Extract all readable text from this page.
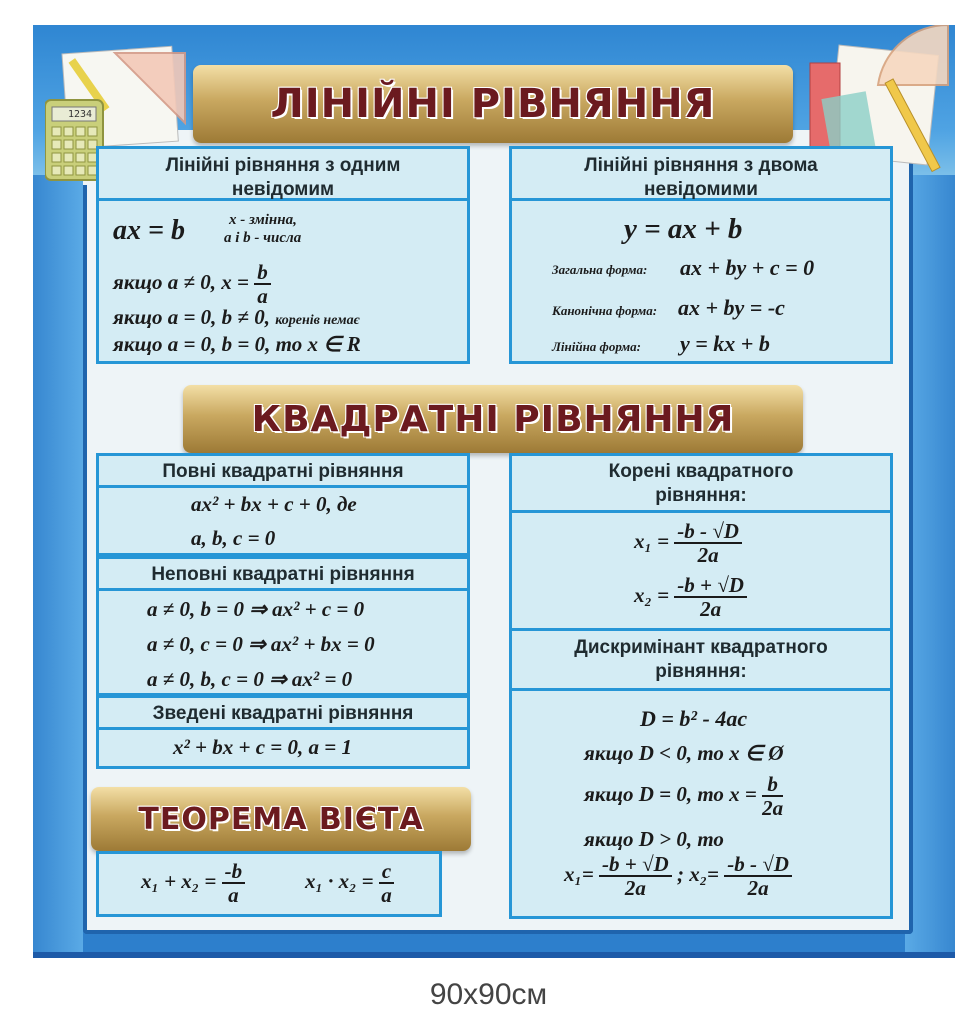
1234	ЛІНІЙНІ РІВНЯННЯ
Лінійні рівняння з одним невідомим
ax = b	x - змінна,
a і b - числа
якщо a ≠ 0, $x = \frac{b}{a}$
якщо a = 0, b ≠ 0, коренів немає
якщо a = 0, b = 0, то x ∈ R
Лінійні рівняння з двома невідомими
y = ax + b
Загальна форма: ax + by + c = 0
Канонічна форма: ax + by = -c
Лінійна форма: y = kx + b
КВАДРАТНІ РІВНЯННЯ
Повні квадратні рівняння
ax² + bx + c + 0, де
a, b, c = 0
Неповні квадратні рівняння
a ≠ 0, b = 0 ⇒ ax² + c = 0
a ≠ 0, c = 0 ⇒ ax² + bx = 0
a ≠ 0, b, c = 0 ⇒ ax² = 0
Зведені квадратні рівняння
x² + bx + c = 0, a = 1
Корені квадратного рівняння:
$x_1 = \frac{-b - √D}{2a}$
$x_2 = \frac{-b + √D}{2a}$
Дискримінант квадратного рівняння:
D = b² - 4ac
якщо D < 0, то x ∈ Ø
якщо D = 0, то $x = \frac{b}{2a}$
якщо D > 0, то
$x_1= \frac{-b + √D}{2a}$ ; $x_2= \frac{-b - √D}{2a}$
ТЕОРЕМА ВІЄТА
$x_1 + x_2 = \frac{-b}{a}$	$x_1 \cdot x_2 = \frac{c}{a}$
90x90см
